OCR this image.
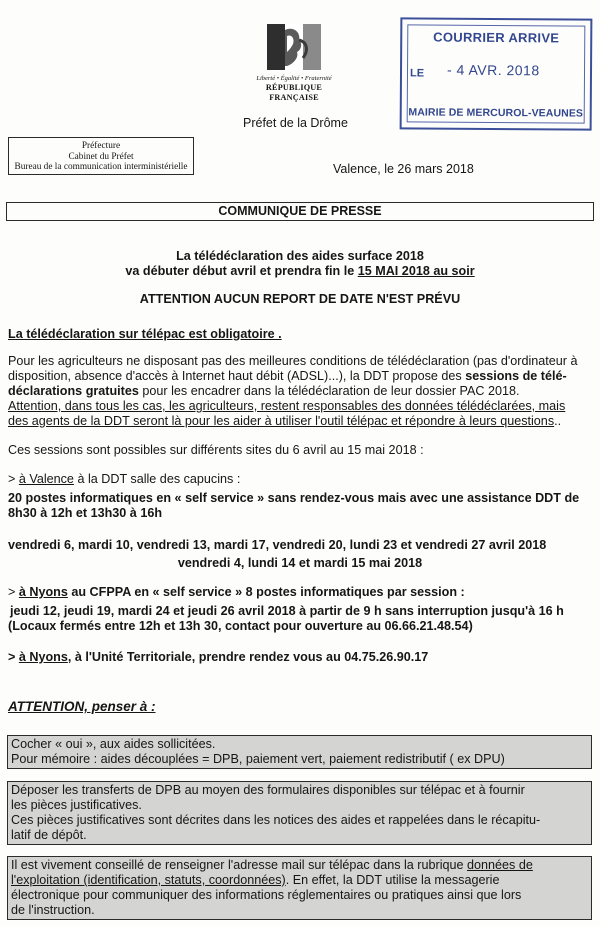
Liberté • Égalité • Fraternité
RÉPUBLIQUE FRANÇAISE
Préfet de la Drôme
COURRIER ARRIVE
LE - 4 AVR. 2018
MAIRIE DE MERCUROL-VEAUNES
Préfecture
Cabinet du Préfet
Bureau de la communication interministérielle	Valence, le 26 mars 2018
COMMUNIQUE DE PRESSE
La télédéclaration des aides surface 2018
va débuter début avril et prendra fin le 15 MAI 2018 au soir
ATTENTION AUCUN REPORT DE DATE N'EST PRÉVU
La télédéclaration sur télépac est obligatoire .
Pour les agriculteurs ne disposant pas des meilleures conditions de télédéclaration (pas d'ordinateur à
disposition, absence d'accès à Internet haut débit (ADSL)...), la DDT propose des sessions de télé-
déclarations gratuites pour les encadrer dans la télédéclaration de leur dossier PAC 2018.
Attention, dans tous les cas, les agriculteurs, restent responsables des données télédéclarées, mais
des agents de la DDT seront là pour les aider à utiliser l'outil télépac et répondre à leurs questions..
Ces sessions sont possibles sur différents sites du 6 avril au 15 mai 2018 :
> à Valence à la DDT salle des capucins :
20 postes informatiques en « self service » sans rendez-vous mais avec une assistance DDT de
8h30 à 12h et 13h30 à 16h
vendredi 6, mardi 10, vendredi 13, mardi 17, vendredi 20, lundi 23 et vendredi 27 avril 2018
vendredi 4, lundi 14 et mardi 15 mai 2018
> à Nyons au CFPPA en « self service » 8 postes informatiques par session :
jeudi 12, jeudi 19, mardi 24 et jeudi 26 avril 2018 à partir de 9 h sans interruption jusqu'à 16 h
(Locaux fermés entre 12h et 13h 30, contact pour ouverture au 06.66.21.48.54)
> à Nyons, à l'Unité Territoriale, prendre rendez vous au 04.75.26.90.17
ATTENTION, penser à :
Cocher « oui », aux aides sollicitées.
Pour mémoire : aides découplées = DPB, paiement vert, paiement redistributif ( ex DPU)
Déposer les transferts de DPB au moyen des formulaires disponibles sur télépac et à fournir
les pièces justificatives.
Ces pièces justificatives sont décrites dans les notices des aides et rappelées dans le récapitu-
latif de dépôt.
Il est vivement conseillé de renseigner l'adresse mail sur télépac dans la rubrique données de
l'exploitation (identification, statuts, coordonnées). En effet, la DDT utilise la messagerie
électronique pour communiquer des informations réglementaires ou pratiques ainsi que lors
de l'instruction.
